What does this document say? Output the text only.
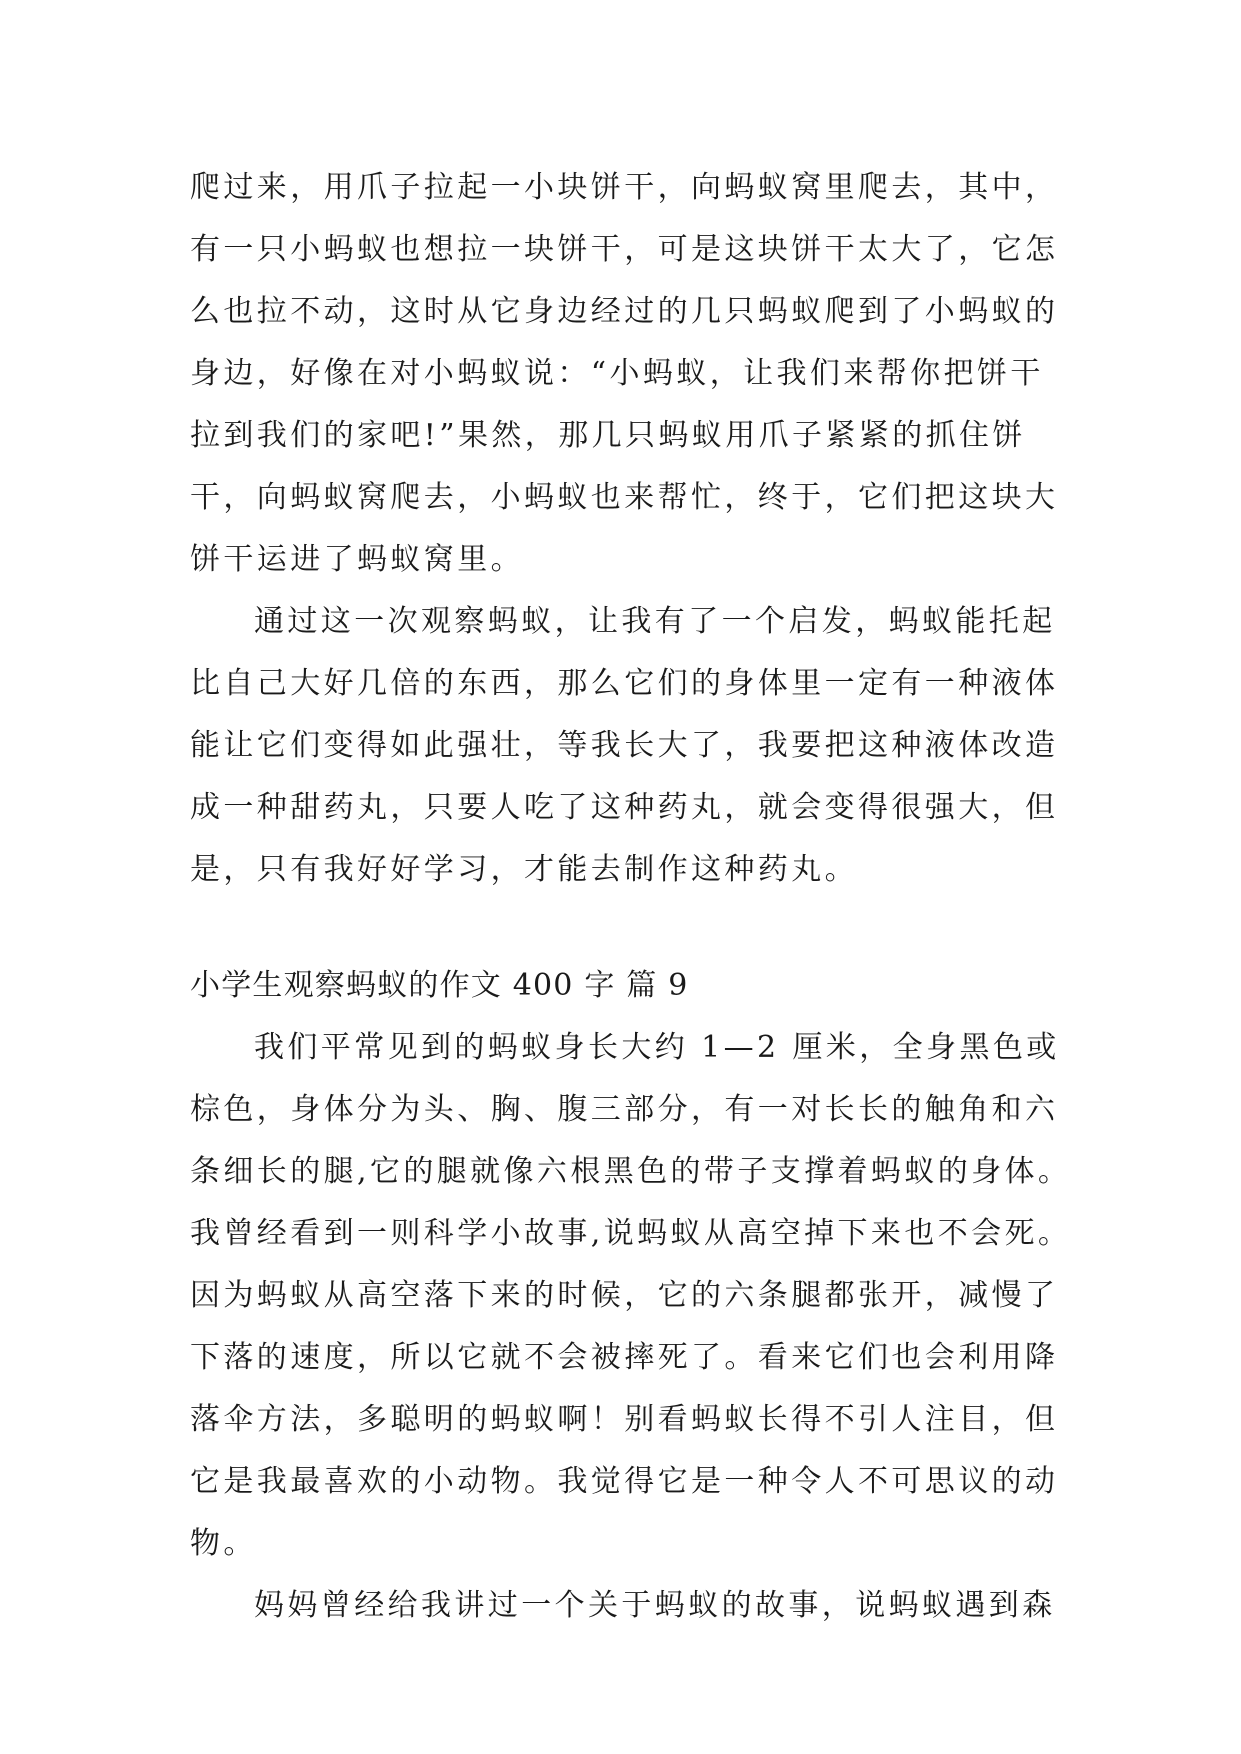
爬过来，用爪子拉起一小块饼干，向蚂蚁窝里爬去，其中，
有一只小蚂蚁也想拉一块饼干，可是这块饼干太大了，它怎
么也拉不动，这时从它身边经过的几只蚂蚁爬到了小蚂蚁的
身边，好像在对小蚂蚁说：“小蚂蚁，让我们来帮你把饼干
拉到我们的家吧!”果然，那几只蚂蚁用爪子紧紧的抓住饼
干，向蚂蚁窝爬去，小蚂蚁也来帮忙，终于，它们把这块大
饼干运进了蚂蚁窝里。
通过这一次观察蚂蚁，让我有了一个启发，蚂蚁能托起
比自己大好几倍的东西，那么它们的身体里一定有一种液体
能让它们变得如此强壮，等我长大了，我要把这种液体改造
成一种甜药丸，只要人吃了这种药丸，就会变得很强大，但
是，只有我好好学习，才能去制作这种药丸。
小学生观察蚂蚁的作文 400 字 篇 9
我们平常见到的蚂蚁身长大约 1—2 厘米，全身黑色或
棕色，身体分为头、胸、腹三部分，有一对长长的触角和六
条细长的腿,它的腿就像六根黑色的带子支撑着蚂蚁的身体。
我曾经看到一则科学小故事,说蚂蚁从高空掉下来也不会死。
因为蚂蚁从高空落下来的时候，它的六条腿都张开，减慢了
下落的速度，所以它就不会被摔死了。看来它们也会利用降
落伞方法，多聪明的蚂蚁啊！别看蚂蚁长得不引人注目，但
它是我最喜欢的小动物。我觉得它是一种令人不可思议的动
物。
妈妈曾经给我讲过一个关于蚂蚁的故事，说蚂蚁遇到森
